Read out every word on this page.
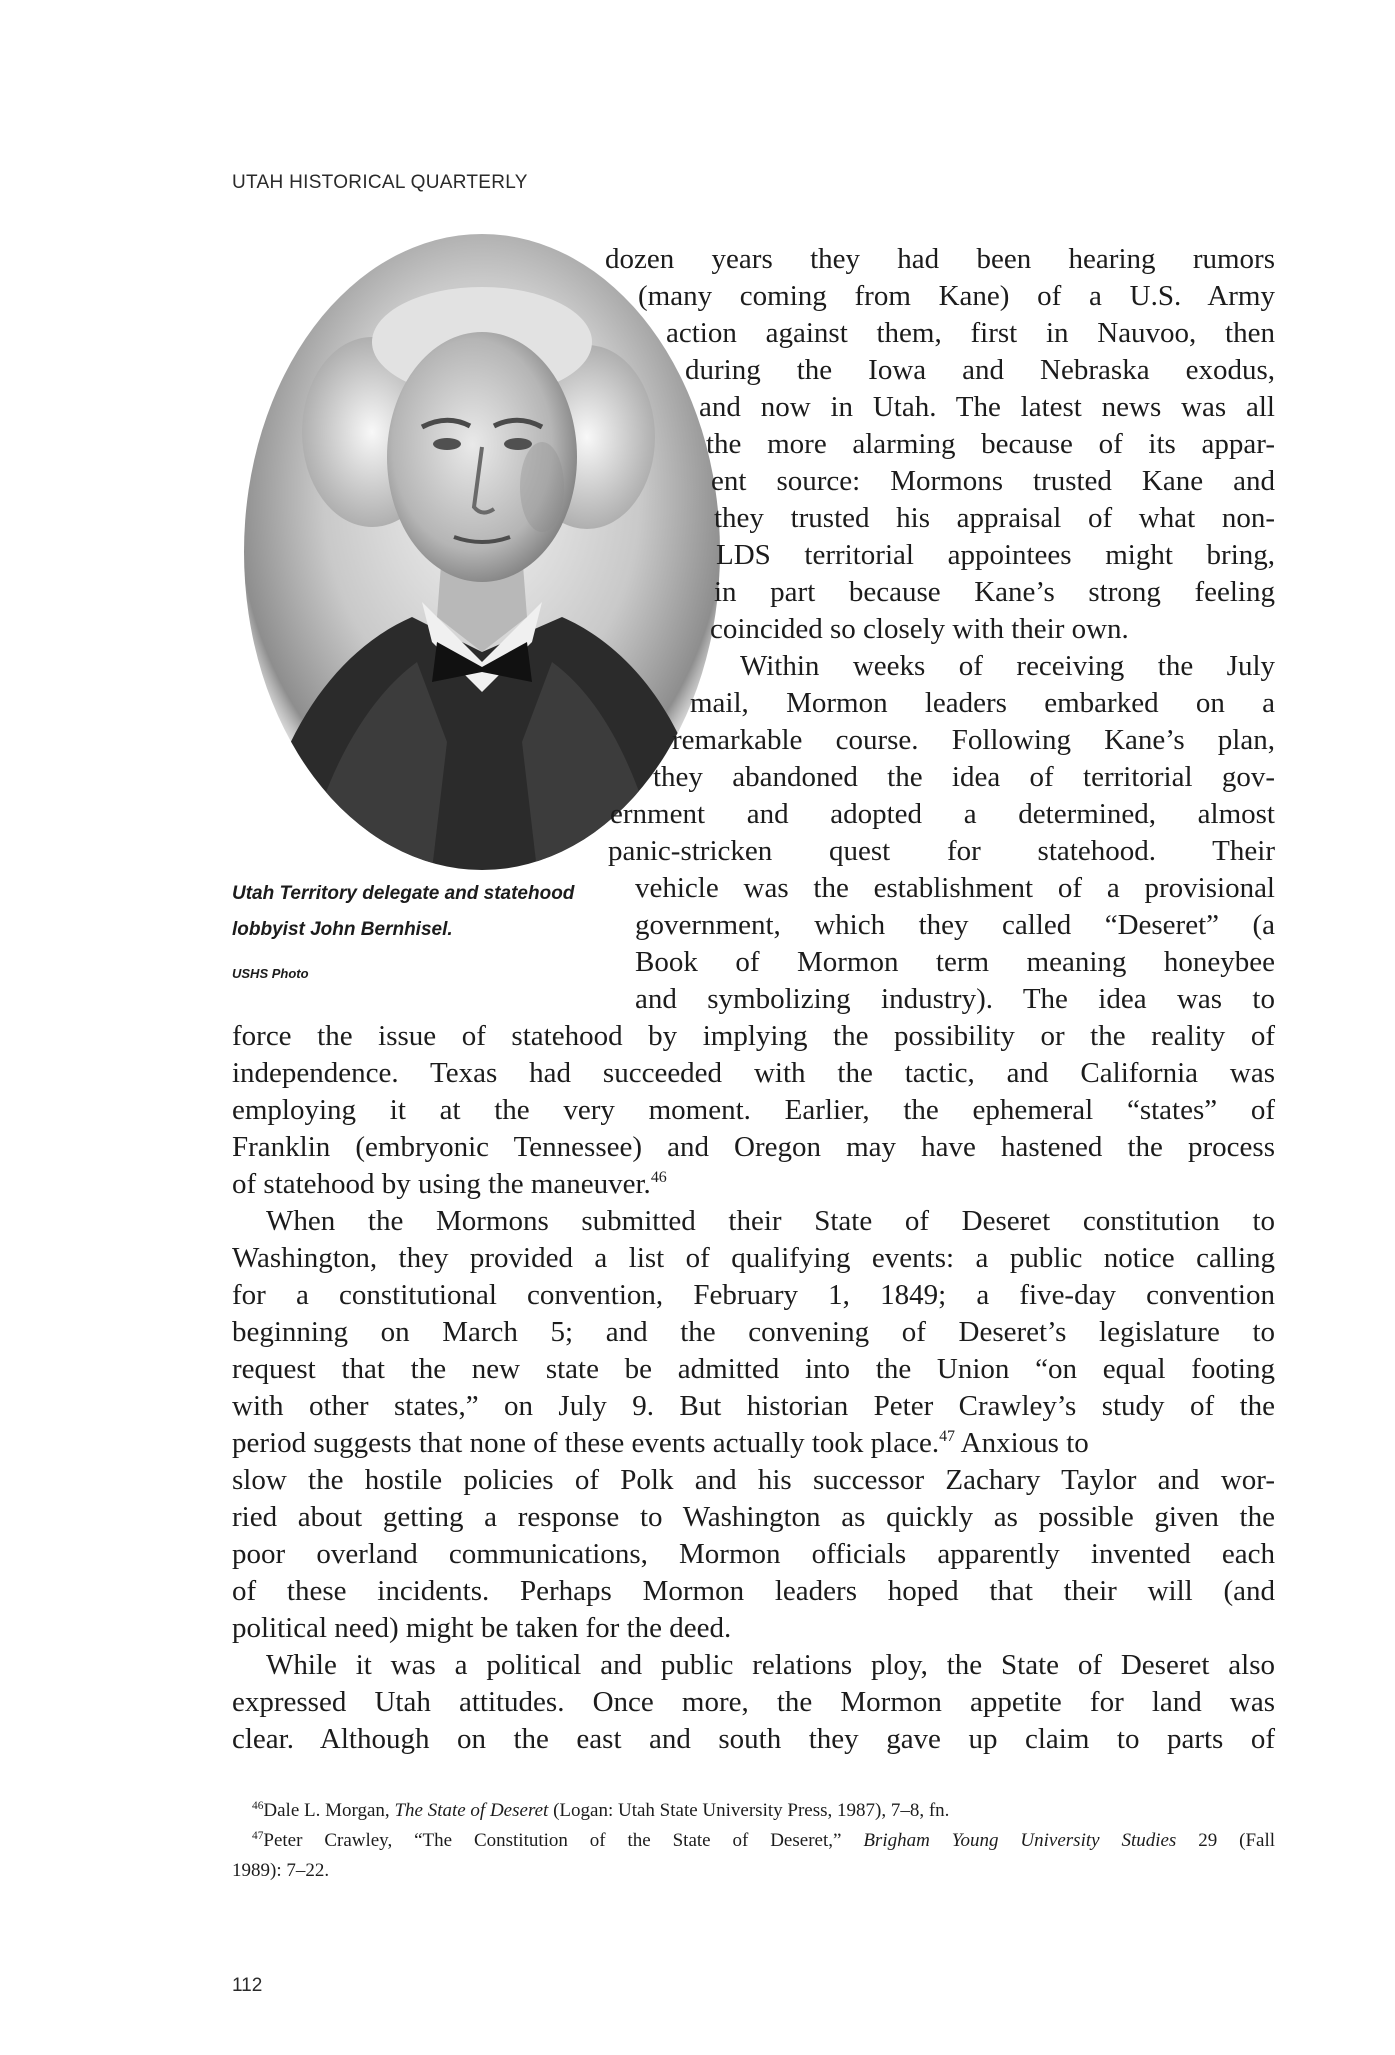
UTAH HISTORICAL QUARTERLY
Utah Territory delegate and statehood lobbyist John Bernhisel.
USHS Photo
dozen years they had been hearing rumors
(many coming from Kane) of a U.S. Army
action against them, first in Nauvoo, then
during the Iowa and Nebraska exodus,
and now in Utah. The latest news was all
the more alarming because of its appar-
ent source: Mormons trusted Kane and
they trusted his appraisal of what non-
LDS territorial appointees might bring,
in part because Kane’s strong feeling
coincided so closely with their own.
Within weeks of receiving the July
mail, Mormon leaders embarked on a
remarkable course. Following Kane’s plan,
they abandoned the idea of territorial gov-
ernment and adopted a determined, almost
panic-stricken quest for statehood. Their
vehicle was the establishment of a provisional
government, which they called “Deseret” (a
Book of Mormon term meaning honeybee
and symbolizing industry). The idea was to
force the issue of statehood by implying the possibility or the reality of
independence. Texas had succeeded with the tactic, and California was
employing it at the very moment. Earlier, the ephemeral “states” of
Franklin (embryonic Tennessee) and Oregon may have hastened the process
of statehood by using the maneuver.$^{46}$
When the Mormons submitted their State of Deseret constitution to
Washington, they provided a list of qualifying events: a public notice calling
for a constitutional convention, February 1, 1849; a five-day convention
beginning on March 5; and the convening of Deseret’s legislature to
request that the new state be admitted into the Union “on equal footing
with other states,” on July 9. But historian Peter Crawley’s study of the
period suggests that none of these events actually took place.$^{47}$ Anxious to
slow the hostile policies of Polk and his successor Zachary Taylor and wor-
ried about getting a response to Washington as quickly as possible given the
poor overland communications, Mormon officials apparently invented each
of these incidents. Perhaps Mormon leaders hoped that their will (and
political need) might be taken for the deed.
While it was a political and public relations ploy, the State of Deseret also
expressed Utah attitudes. Once more, the Mormon appetite for land was
clear. Although on the east and south they gave up claim to parts of
$^{46}$Dale L. Morgan, The State of Deseret (Logan: Utah State University Press, 1987), 7–8, fn.
$^{47}$Peter Crawley, “The Constitution of the State of Deseret,” Brigham Young University Studies 29 (Fall
1989): 7–22.
112
